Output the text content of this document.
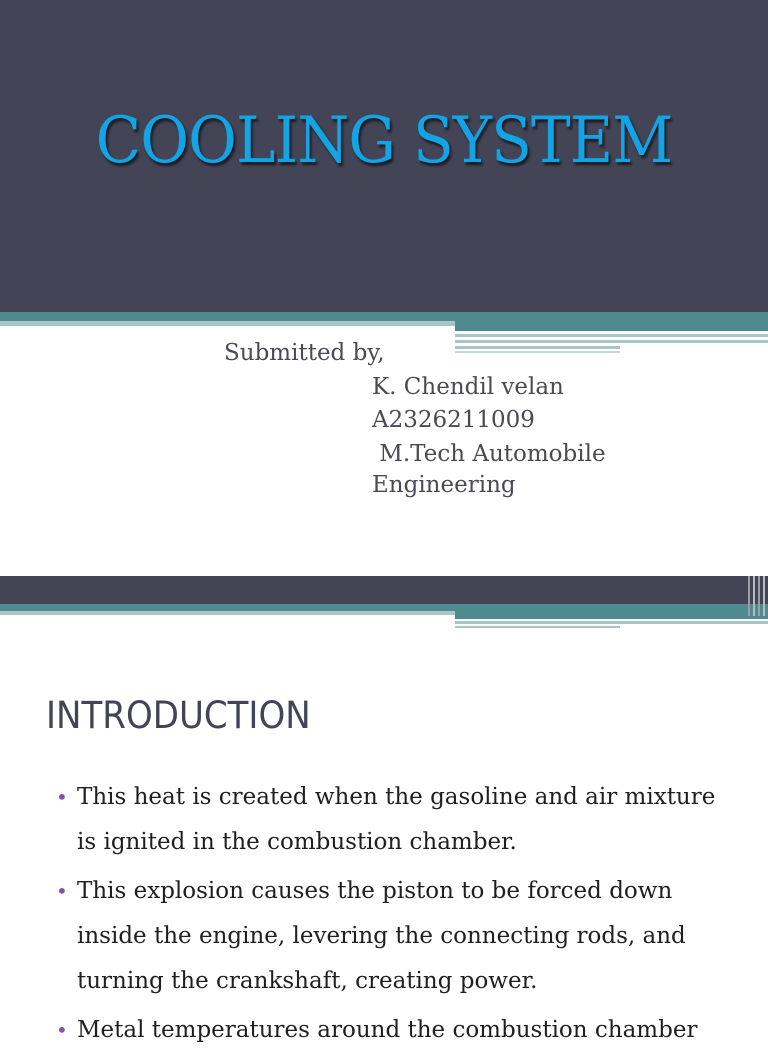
COOLING SYSTEM
Submitted by,
K. Chendil velan
A2326211009
M.Tech Automobile
Engineering
INTRODUCTION
• This heat is created when the gasoline and air mixture is ignited in the combustion chamber.
• This explosion causes the piston to be forced down inside the engine, levering the connecting rods, and turning the crankshaft, creating power.
• Metal temperatures around the combustion chamber
